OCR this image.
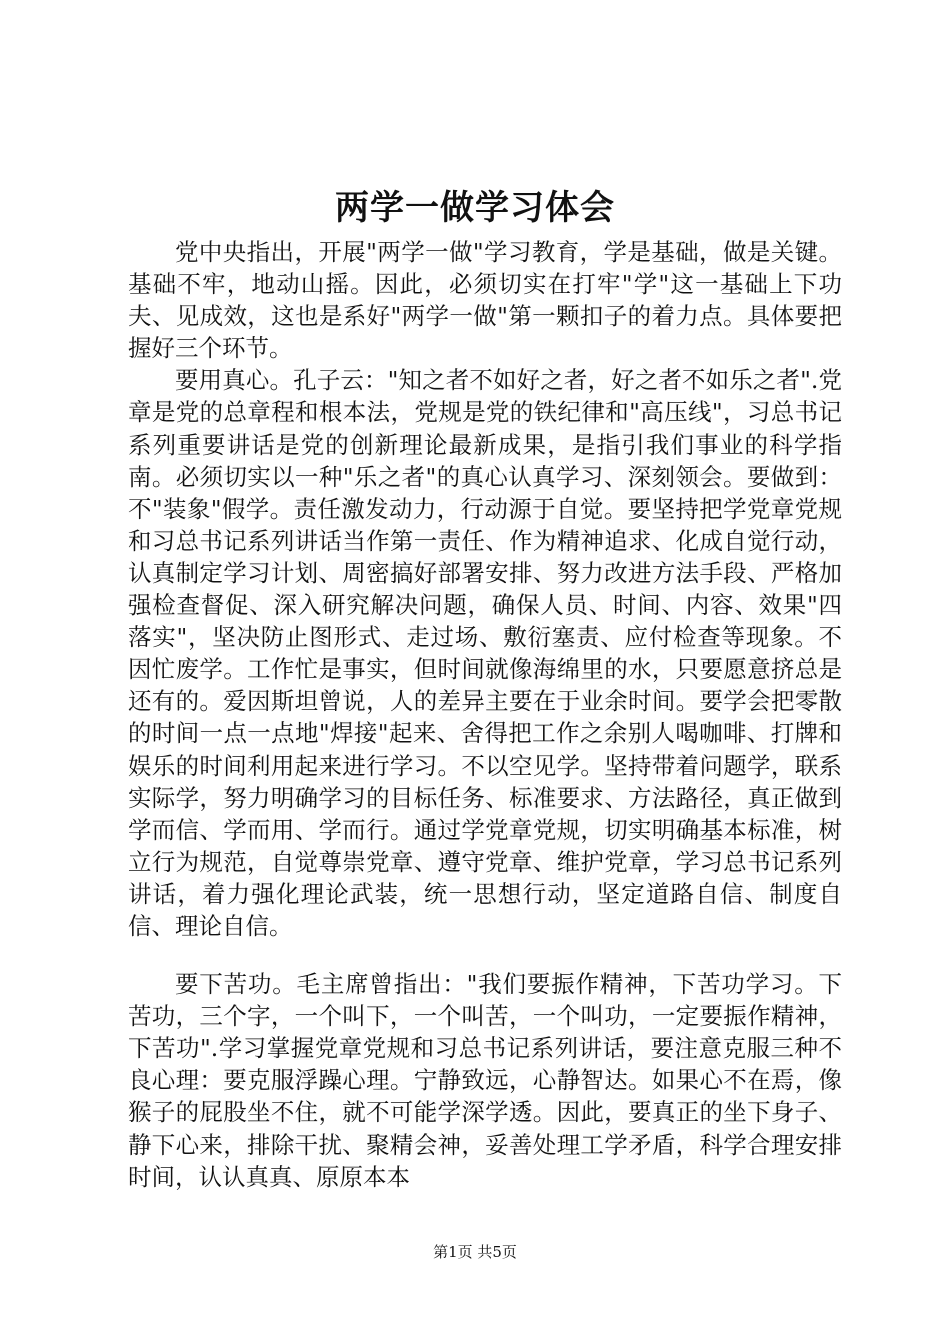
两学一做学习体会

党中央指出，开展"两学一做"学习教育，学是基础，做是关键。基础不牢，地动山摇。因此，必须切实在打牢"学"这一基础上下功夫、见成效，这也是系好"两学一做"第一颗扣子的着力点。具体要把握好三个环节。

要用真心。孔子云："知之者不如好之者，好之者不如乐之者".党章是党的总章程和根本法，党规是党的铁纪律和"高压线"，习总书记系列重要讲话是党的创新理论最新成果，是指引我们事业的科学指南。必须切实以一种"乐之者"的真心认真学习、深刻领会。要做到：不"装象"假学。责任激发动力，行动源于自觉。要坚持把学党章党规和习总书记系列讲话当作第一责任、作为精神追求、化成自觉行动，认真制定学习计划、周密搞好部署安排、努力改进方法手段、严格加强检查督促、深入研究解决问题，确保人员、时间、内容、效果"四落实"，坚决防止图形式、走过场、敷衍塞责、应付检查等现象。不因忙废学。工作忙是事实，但时间就像海绵里的水，只要愿意挤总是还有的。爱因斯坦曾说，人的差异主要在于业余时间。要学会把零散的时间一点一点地"焊接"起来、舍得把工作之余别人喝咖啡、打牌和娱乐的时间利用起来进行学习。不以空见学。坚持带着问题学，联系实际学，努力明确学习的目标任务、标准要求、方法路径，真正做到学而信、学而用、学而行。通过学党章党规，切实明确基本标准，树立行为规范，自觉尊崇党章、遵守党章、维护党章，学习总书记系列讲话，着力强化理论武装，统一思想行动，坚定道路自信、制度自信、理论自信。

要下苦功。毛主席曾指出："我们要振作精神，下苦功学习。下苦功，三个字，一个叫下，一个叫苦，一个叫功，一定要振作精神，下苦功".学习掌握党章党规和习总书记系列讲话，要注意克服三种不良心理：要克服浮躁心理。宁静致远，心静智达。如果心不在焉，像猴子的屁股坐不住，就不可能学深学透。因此，要真正的坐下身子、静下心来，排除干扰、聚精会神，妥善处理工学矛盾，科学合理安排时间，认认真真、原原本本

第1页 共5页
